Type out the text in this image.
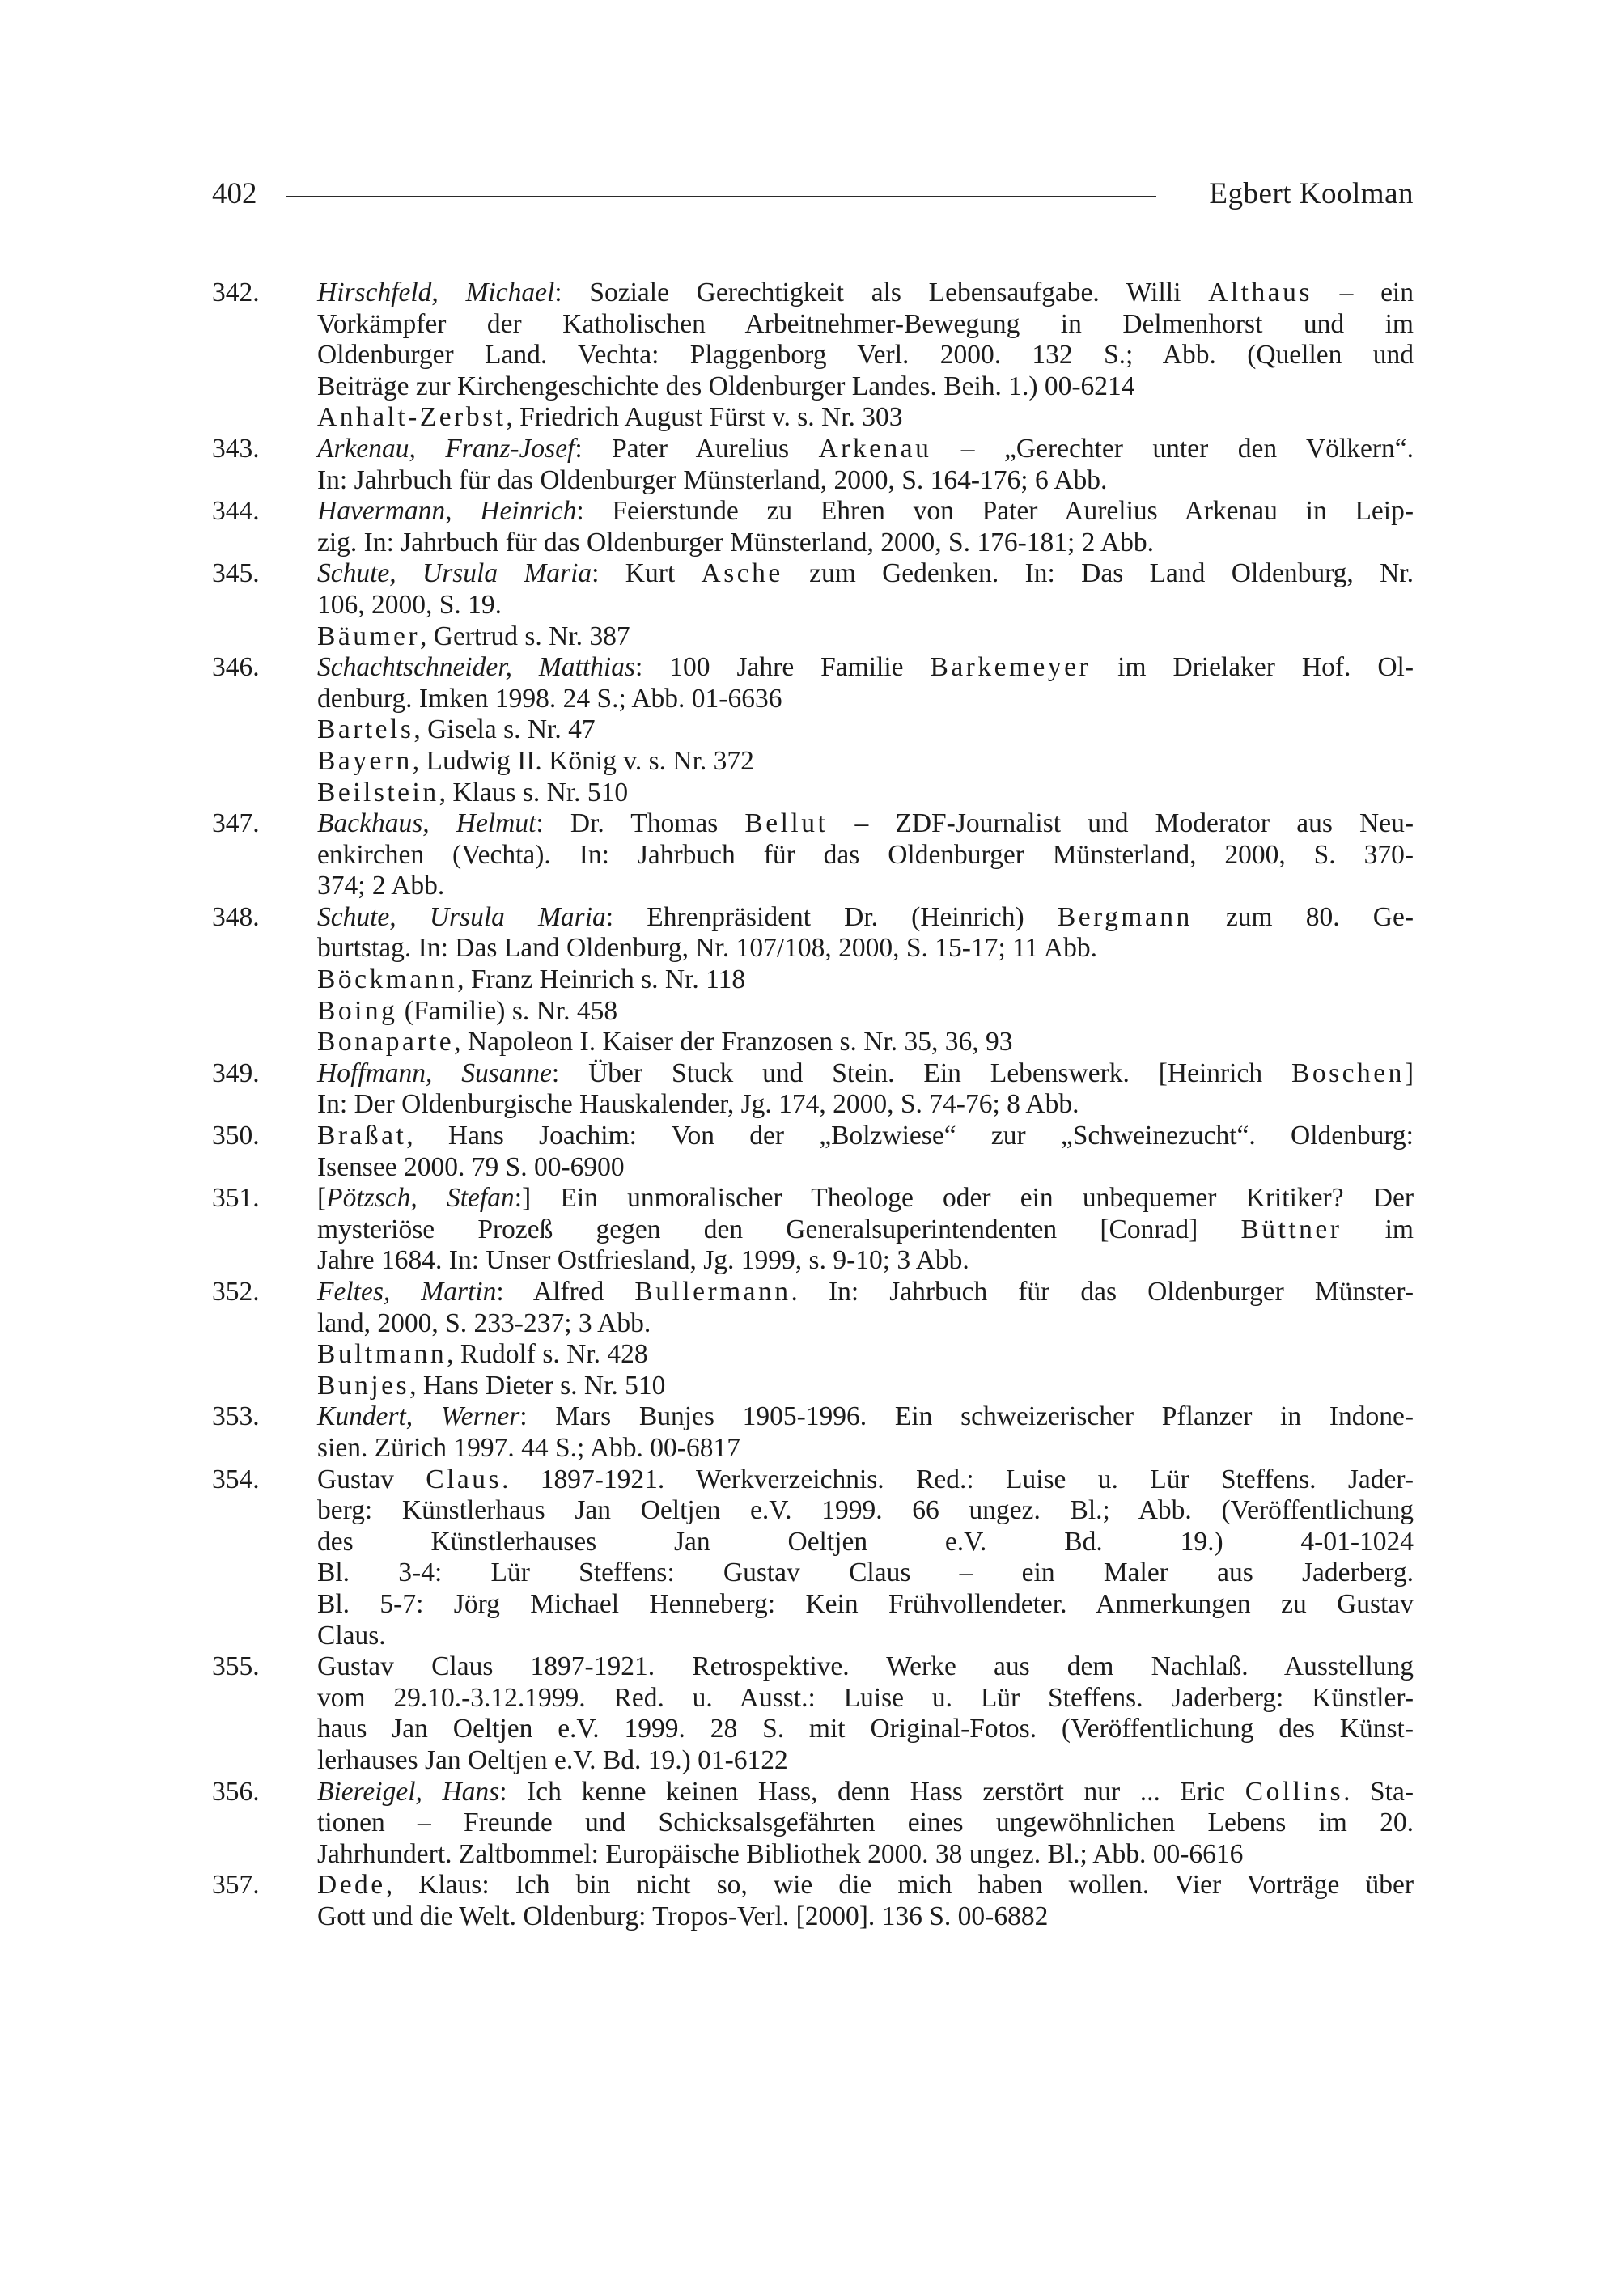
402	Egbert Koolman
342.	Hirschfeld, Michael: Soziale Gerechtigkeit als Lebensaufgabe. Willi Althaus – ein
Vorkämpfer der Katholischen Arbeitnehmer-Bewegung in Delmenhorst und im
Oldenburger Land. Vechta: Plaggenborg Verl. 2000. 132 S.; Abb. (Quellen und
Beiträge zur Kirchengeschichte des Oldenburger Landes. Beih. 1.) 00-6214
Anhalt-Zerbst, Friedrich August Fürst v. s. Nr. 303
343.	Arkenau, Franz-Josef: Pater Aurelius Arkenau – „Gerechter unter den Völkern“.
In: Jahrbuch für das Oldenburger Münsterland, 2000, S. 164-176; 6 Abb.
344.	Havermann, Heinrich: Feierstunde zu Ehren von Pater Aurelius Arkenau in Leip-
zig. In: Jahrbuch für das Oldenburger Münsterland, 2000, S. 176-181; 2 Abb.
345.	Schute, Ursula Maria: Kurt Asche zum Gedenken. In: Das Land Oldenburg, Nr.
106, 2000, S. 19.
Bäumer, Gertrud s. Nr. 387
346.	Schachtschneider, Matthias: 100 Jahre Familie Barkemeyer im Drielaker Hof. Ol-
denburg. Imken 1998. 24 S.; Abb. 01-6636
Bartels, Gisela s. Nr. 47
Bayern, Ludwig II. König v. s. Nr. 372
Beilstein, Klaus s. Nr. 510
347.	Backhaus, Helmut: Dr. Thomas Bellut – ZDF-Journalist und Moderator aus Neu-
enkirchen (Vechta). In: Jahrbuch für das Oldenburger Münsterland, 2000, S. 370-
374; 2 Abb.
348.	Schute, Ursula Maria: Ehrenpräsident Dr. (Heinrich) Bergmann zum 80. Ge-
burtstag. In: Das Land Oldenburg, Nr. 107/108, 2000, S. 15-17; 11 Abb.
Böckmann, Franz Heinrich s. Nr. 118
Boing (Familie) s. Nr. 458
Bonaparte, Napoleon I. Kaiser der Franzosen s. Nr. 35, 36, 93
349.	Hoffmann, Susanne: Über Stuck und Stein. Ein Lebenswerk. [Heinrich Boschen]
In: Der Oldenburgische Hauskalender, Jg. 174, 2000, S. 74-76; 8 Abb.
350.	Braßat, Hans Joachim: Von der „Bolzwiese“ zur „Schweinezucht“. Oldenburg:
Isensee 2000. 79 S. 00-6900
351.	[Pötzsch, Stefan:] Ein unmoralischer Theologe oder ein unbequemer Kritiker? Der
mysteriöse Prozeß gegen den Generalsuperintendenten [Conrad] Büttner im
Jahre 1684. In: Unser Ostfriesland, Jg. 1999, s. 9-10; 3 Abb.
352.	Feltes, Martin: Alfred Bullermann. In: Jahrbuch für das Oldenburger Münster-
land, 2000, S. 233-237; 3 Abb.
Bultmann, Rudolf s. Nr. 428
Bunjes, Hans Dieter s. Nr. 510
353.	Kundert, Werner: Mars Bunjes 1905-1996. Ein schweizerischer Pflanzer in Indone-
sien. Zürich 1997. 44 S.; Abb. 00-6817
354.	Gustav Claus. 1897-1921. Werkverzeichnis. Red.: Luise u. Lür Steffens. Jader-
berg: Künstlerhaus Jan Oeltjen e.V. 1999. 66 ungez. Bl.; Abb. (Veröffentlichung
des Künstlerhauses Jan Oeltjen e.V. Bd. 19.) 4-01-1024
Bl. 3-4: Lür Steffens: Gustav Claus – ein Maler aus Jaderberg.
Bl. 5-7: Jörg Michael Henneberg: Kein Frühvollendeter. Anmerkungen zu Gustav
Claus.
355.	Gustav Claus 1897-1921. Retrospektive. Werke aus dem Nachlaß. Ausstellung
vom 29.10.-3.12.1999. Red. u. Ausst.: Luise u. Lür Steffens. Jaderberg: Künstler-
haus Jan Oeltjen e.V. 1999. 28 S. mit Original-Fotos. (Veröffentlichung des Künst-
lerhauses Jan Oeltjen e.V. Bd. 19.) 01-6122
356.	Biereigel, Hans: Ich kenne keinen Hass, denn Hass zerstört nur ... Eric Collins. Sta-
tionen – Freunde und Schicksalsgefährten eines ungewöhnlichen Lebens im 20.
Jahrhundert. Zaltbommel: Europäische Bibliothek 2000. 38 ungez. Bl.; Abb. 00-6616
357.	Dede, Klaus: Ich bin nicht so, wie die mich haben wollen. Vier Vorträge über
Gott und die Welt. Oldenburg: Tropos-Verl. [2000]. 136 S. 00-6882
